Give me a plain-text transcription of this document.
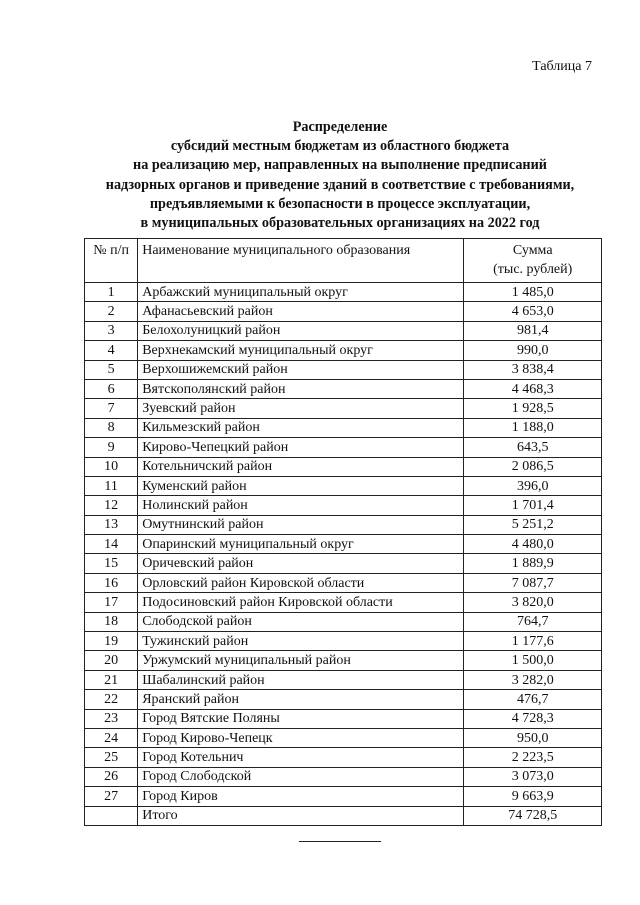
Таблица 7
Распределение
субсидий местным бюджетам из областного бюджета
на реализацию мер, направленных на выполнение предписаний
надзорных органов и приведение зданий в соответствие с требованиями,
предъявляемыми к безопасности в процессе эксплуатации,
в муниципальных образовательных организациях на 2022 год
№ п/п	Наименование муниципального образования	Сумма
(тыс. рублей)

1	Арбажский муниципальный округ	1 485,0
2	Афанасьевский район	4 653,0
3	Белохолуницкий район	981,4
4	Верхнекамский муниципальный округ	990,0
5	Верхошижемский район	3 838,4
6	Вятскополянский район	4 468,3
7	Зуевский район	1 928,5
8	Кильмезский район	1 188,0
9	Кирово-Чепецкий район	643,5
10	Котельничский район	2 086,5
11	Куменский район	396,0
12	Нолинский район	1 701,4
13	Омутнинский район	5 251,2
14	Опаринский муниципальный округ	4 480,0
15	Оричевский район	1 889,9
16	Орловский район Кировской области	7 087,7
17	Подосиновский район Кировской области	3 820,0
18	Слободской район	764,7
19	Тужинский район	1 177,6
20	Уржумский муниципальный район	1 500,0
21	Шабалинский район	3 282,0
22	Яранский район	476,7
23	Город Вятские Поляны	4 728,3
24	Город Кирово-Чепецк	950,0
25	Город Котельнич	2 223,5
26	Город Слободской	3 073,0
27	Город Киров	9 663,9
	Итого	74 728,5
